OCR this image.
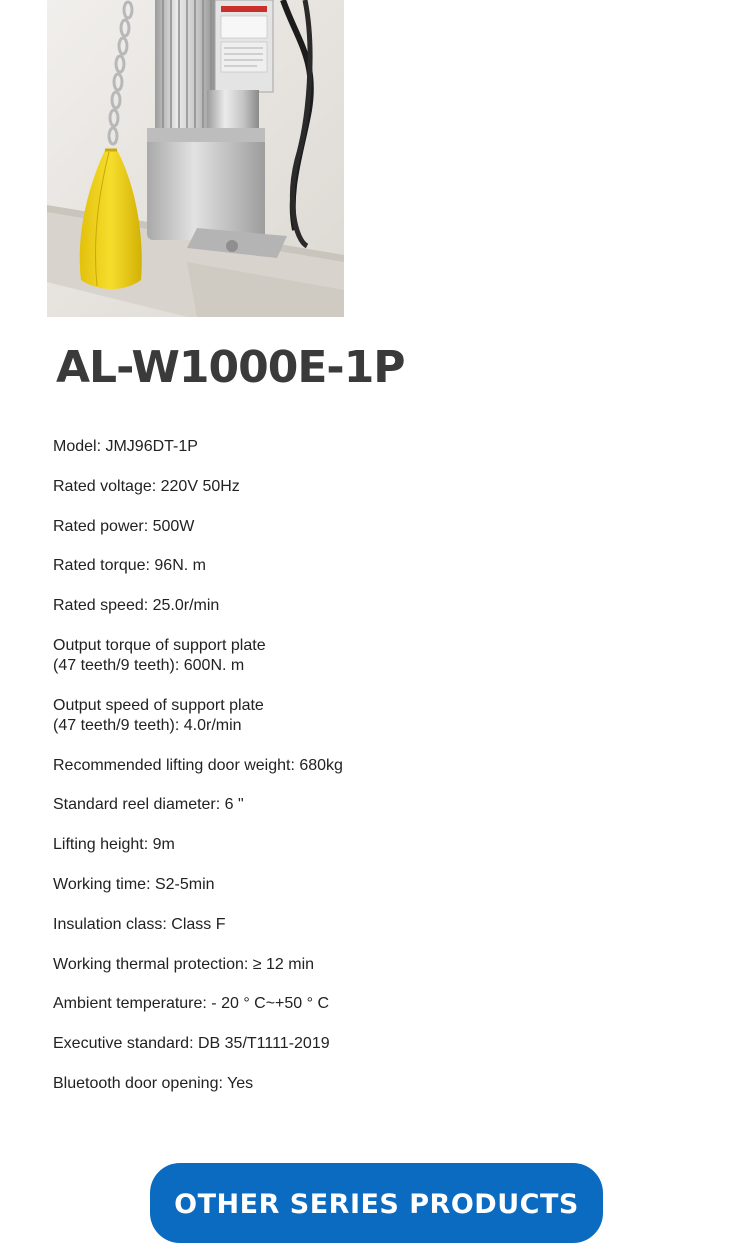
AL-W1000E-1P
Model: JMJ96DT-1P
Rated voltage: 220V 50Hz
Rated power: 500W
Rated torque: 96N. m
Rated speed: 25.0r/min
Output torque of support plate
(47 teeth/9 teeth): 600N. m
Output speed of support plate
(47 teeth/9 teeth): 4.0r/min
Recommended lifting door weight: 680kg
Standard reel diameter: 6 "
Lifting height: 9m
Working time: S2-5min
Insulation class: Class F
Working thermal protection: ≥ 12 min
Ambient temperature: - 20 ° C~+50 ° C
Executive standard: DB 35/T1111-2019
Bluetooth door opening: Yes
OTHER SERIES PRODUCTS
